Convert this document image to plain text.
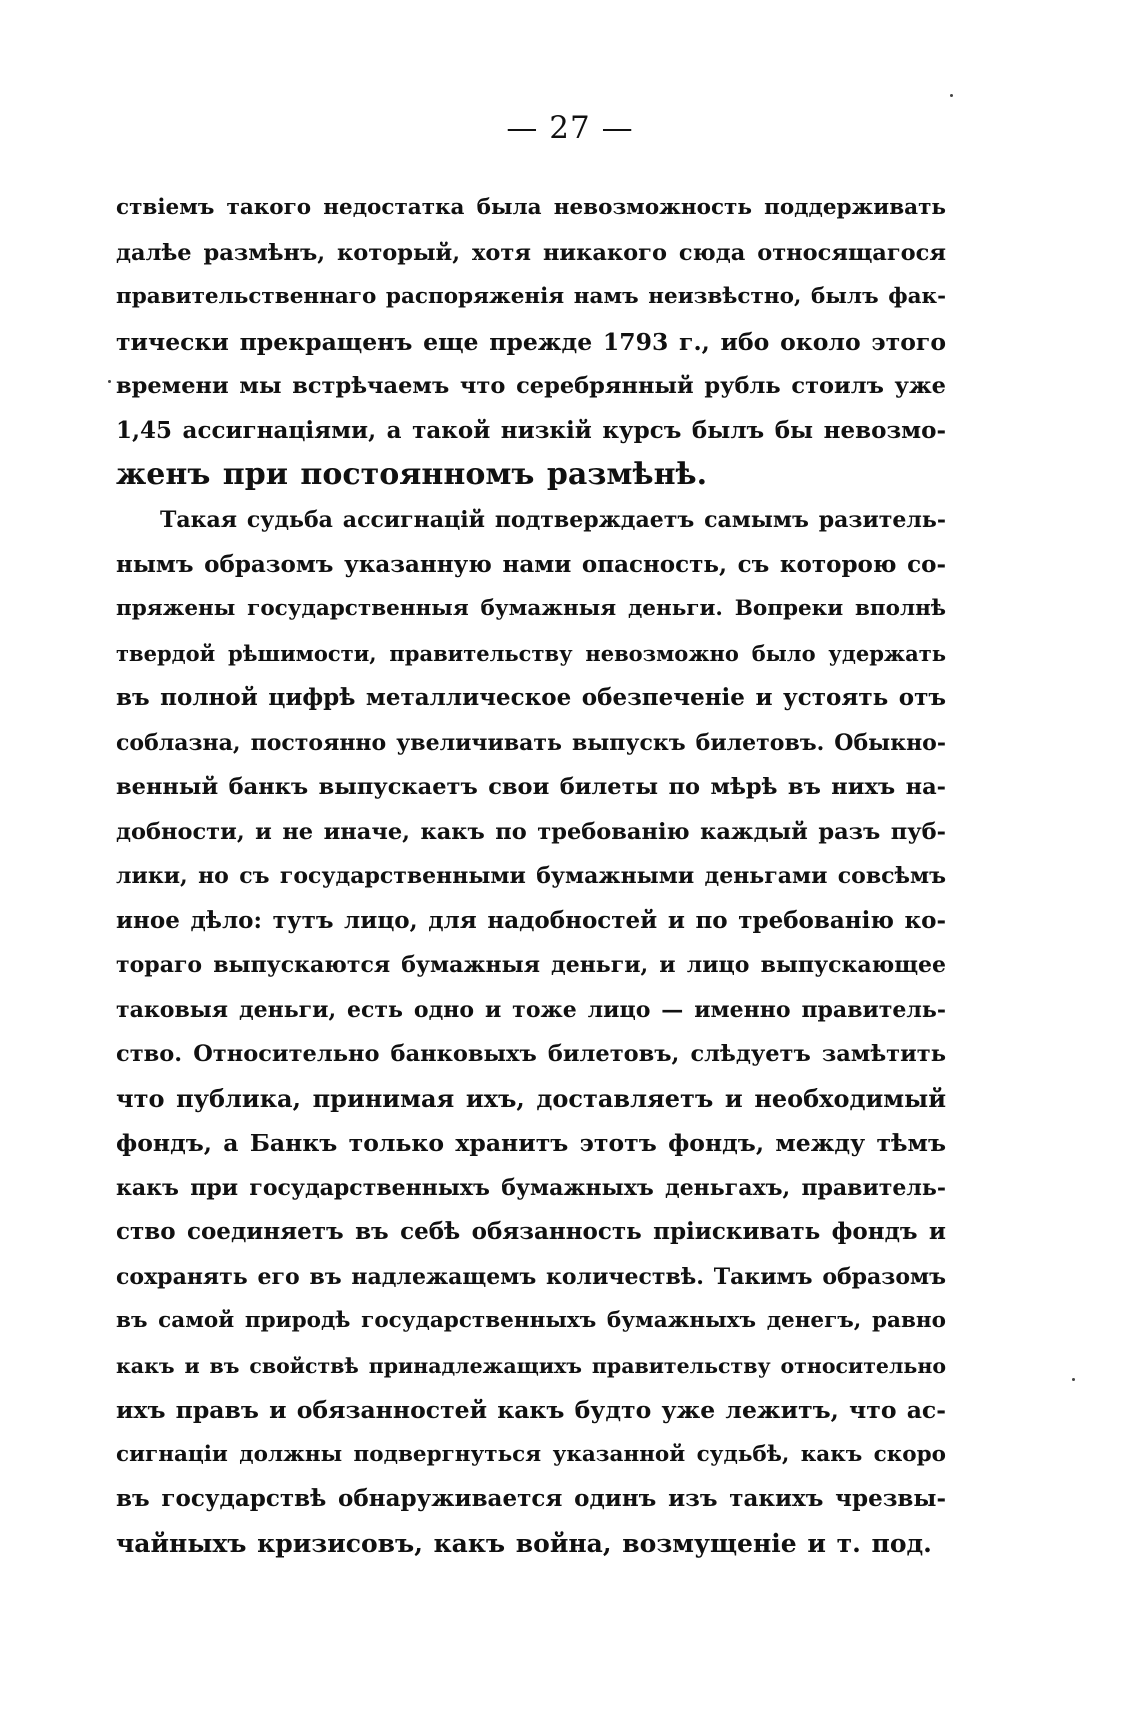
— 27 —
ствіемъ такого недостатка была невозможность поддерживать
далѣе размѣнъ, который, хотя никакого сюда относящагося
правительственнаго распоряженія намъ неизвѣстно, былъ фак-
тически прекращенъ еще прежде 1793 г., ибо около этого
времени мы встрѣчаемъ что серебрянный рубль стоилъ уже
1,45 ассигнаціями, а такой низкій курсъ былъ бы невозмо-
женъ при постоянномъ размѣнѣ.
Такая судьба ассигнацій подтверждаетъ самымъ разитель-
нымъ образомъ указанную нами опасность, съ которою со-
пряжены государственныя бумажныя деньги. Вопреки вполнѣ
твердой рѣшимости, правительству невозможно было удержать
въ полной цифрѣ металлическое обезпеченіе и устоять отъ
соблазна, постоянно увеличивать выпускъ билетовъ. Обыкно-
венный банкъ выпускаетъ свои билеты по мѣрѣ въ нихъ на-
добности, и не иначе, какъ по требованію каждый разъ пуб-
лики, но съ государственными бумажными деньгами совсѣмъ
иное дѣло: тутъ лицо, для надобностей и по требованію ко-
тораго выпускаются бумажныя деньги, и лицо выпускающее
таковыя деньги, есть одно и тоже лицо — именно правитель-
ство. Относительно банковыхъ билетовъ, слѣдуетъ замѣтить
что публика, принимая ихъ, доставляетъ и необходимый
фондъ, а Банкъ только хранитъ этотъ фондъ, между тѣмъ
какъ при государственныхъ бумажныхъ деньгахъ, правитель-
ство соединяетъ въ себѣ обязанность пріискивать фондъ и
сохранять его въ надлежащемъ количествѣ. Такимъ образомъ
въ самой природѣ государственныхъ бумажныхъ денегъ, равно
какъ и въ свойствѣ принадлежащихъ правительству относительно
ихъ правъ и обязанностей какъ будто уже лежитъ, что ас-
сигнаціи должны подвергнуться указанной судьбѣ, какъ скоро
въ государствѣ обнаруживается одинъ изъ такихъ чрезвы-
чайныхъ кризисовъ, какъ война, возмущеніе и т. под.
